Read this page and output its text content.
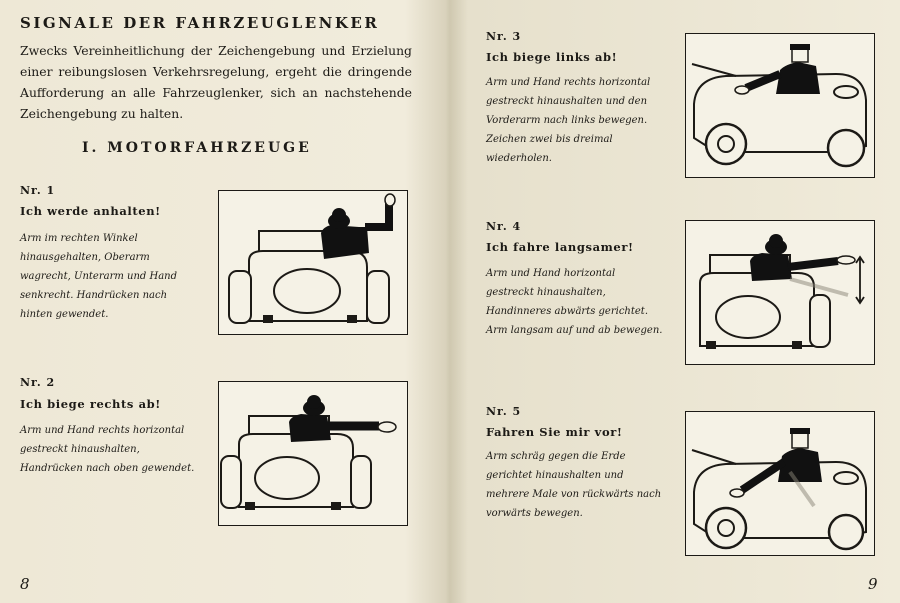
SIGNALE DER FAHRZEUGLENKER
Zwecks Vereinheitlichung der Zeichengebung und Erzielung einer reibungslosen Verkehrsregelung, ergeht die dringende Aufforderung an alle Fahrzeuglenker, sich an nachstehende Zeichengebung zu halten.
I. MOTORFAHRZEUGE
Nr. 1
Ich werde anhalten!
Arm im rechten Winkel hinausgehalten, Oberarm wagrecht, Unterarm und Hand senkrecht. Handrücken nach hinten gewendet.
Nr. 2
Ich biege rechts ab!
Arm und Hand rechts horizontal gestreckt hinaushalten, Handrücken nach oben gewendet.
8
Nr. 3
Ich biege links ab!
Arm und Hand rechts horizontal gestreckt hinaushalten und den Vorderarm nach links bewegen. Zeichen zwei bis dreimal wiederholen.
Nr. 4
Ich fahre langsamer!
Arm und Hand horizontal gestreckt hinaushalten, Handinneres abwärts gerichtet. Arm langsam auf und ab bewegen.
Nr. 5
Fahren Sie mir vor!
Arm schräg gegen die Erde gerichtet hinaushalten und mehrere Male von rückwärts nach vorwärts bewegen.
9
